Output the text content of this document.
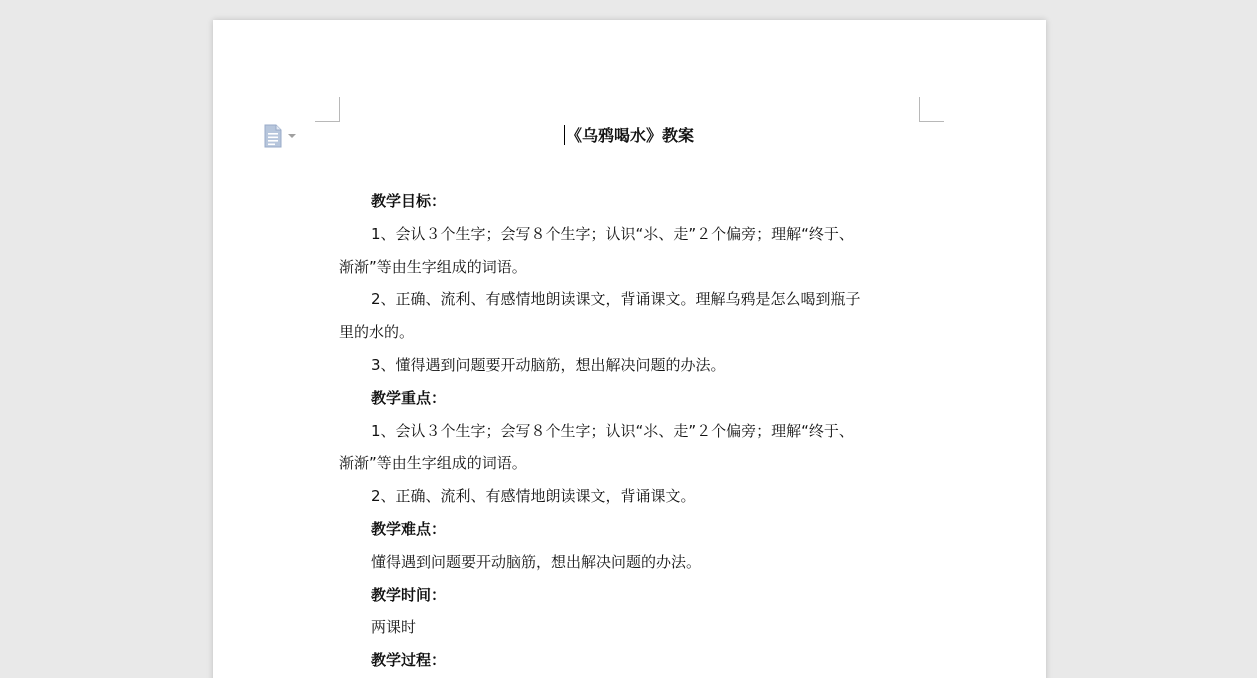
《乌鸦喝水》教案
教学目标：
1、会认３个生字；会写８个生字；认识“⺢、走”２个偏旁；理解“终于、
渐渐”等由生字组成的词语。
2、正确、流利、有感情地朗读课文，背诵课文。理解乌鸦是怎么喝到瓶子
里的水的。
3、懂得遇到问题要开动脑筋，想出解决问题的办法。
教学重点：
1、会认３个生字；会写８个生字；认识“⺢、走”２个偏旁；理解“终于、
渐渐”等由生字组成的词语。
2、正确、流利、有感情地朗读课文，背诵课文。
教学难点：
懂得遇到问题要开动脑筋，想出解决问题的办法。
教学时间：
两课时
教学过程：
